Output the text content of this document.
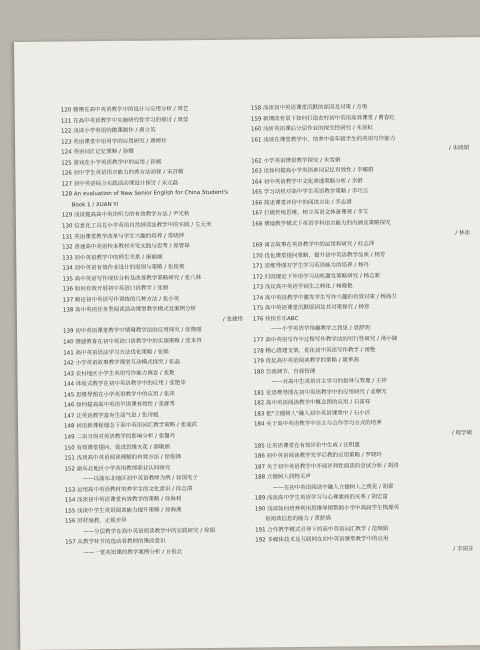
120 微课在高中英语教学中的设计与应用分析 / 周艺
121 在高中英语教学中实施研究性学习的探讨 / 周莹
122 浅谈小学英语的微课制作 / 唐立英
123 英语课堂中语用学的应用研究 / 唐婷玲
124 英语词汇记忆策略 / 孙娜
125 游戏在小学英语教学中的运用 / 孙媛
126 初中学生英语语言能力的养方法初探 / 宋召敏
127 初中英语综合实践活动课设计探讨 / 宋元磊
128 An evaluation of New Senior English for China Student's
Book 1 / XUAN Yi
129 浅谈提高高中英语听力的有效教学方法 / 尹光秋
130 信息化工具在小学英语自然拼读法教学中的实践 / 左元美
131 英语课堂教学改革与学生兴趣的培养 / 常晓钟
132 普通高中英语校本教材开发实践与思考 / 庞智禄
133 初中英语教学中的师生关系 / 康丽丽
134 初中英语有效作业设计的原则与策略 / 张俊爽
135 高中英语写作现状分析及改善教学策略研究 / 张八林
136 如何有效开展初中英语口语教学 / 张娟
137 略论初中英语写作训练的几种方法 / 张小英
138 高中英语任务型阅读活动课堂教学模式及案例分析
/ 张建伟
139 初中英语课堂教学中情境教学法的应用探究 / 张晓丽
140 情感教育在初中英语口语教学中的实施策略 / 张本容
141 高中英语语法学习方法优化策略 / 张焕
142 小学英语故事教学课堂互动模式探究 / 张晶
143 农村地区小学生英语写作能力调查 / 张艳
144 体验式教学在初中英语教学中的应用 / 张艳华
145 思维导图在小学英语教学中的应用 / 张萍
146 如何提高高中英语早读课有效性 / 张群秀
147 让英语教学富有生活气息 / 张诗媛
148 试论新课程理念下高中英语词汇教学策略 / 张道武
149 二语习得对英语教学的影响分析 / 张馨丹
150 有效课堂提问，促进思维火花 / 郝敏娟
151 浅谈高中英语阅读理解的有效方法 / 徐俊锋
152 渝东北地区小学英语教师职业认同研究
——以渝东北地区初中英语教师为例 / 徐国发子
153 运用高中英语教材培养学生的文化意识 / 徐志清
154 浅谈初中英语课堂有效教学的策略 / 徐海利
155 浅谈中学生英语阅读能力提升策略 / 徐海燕
156 因材施教，正视差异
——分层教学在高中英语阅读教学中的实践研究 / 徐娟
157 从教学环节的选动看教师的课改意识
——一堂英语课的教学案例分析 / 方俊北
158 浅谈初中英语课堂沉默的原因及对策 / 方勇
159 新课改背景下如何打造农村初中英语高效课堂 / 曹春红
160 浅析英语课后分层作业的探究性研究 / 朱剑虹
161 浅谈在课堂教学中，培养中高年级学生的英语写作能力
/ 朱晓娟
162 小学英语情景教学探究 / 朱雪娟
163 论如何提高小学英语单词记忆有效性 / 李娜娟
164 初中英语教学中文化渗透策略分析 / 李娟
165 学习动机对高中学生英语教学策略 / 李巧云
166 简述课堂评价中的阅读方法 / 李志清
167 打破传统思维，树立英语文体备课观 / 李艾
168 情境教学模式下英语学科语言能力的内涵及策略探究
/ 林冰
169 寓言故事在英语教学中的运用和研究 / 杜志萍
170 优化课堂提问策略，提升初中英语教学品质 / 杨芳
171 思维导图对学生学习英语能力的培养 / 杨丹
172 归因理论下外语学习动机激发策略研究 / 杨志新
173 浅议高中英语学困生之转化 / 杨晓艳
174 高中英语教学中激发学生写作兴趣的有效对策 / 杨海卫
175 高中英语课堂沉默原因及其对策探究 / 杨寒
176 快快乐乐ABC
——小学英语学得趣教学之我见 / 袁舒明
177 高中英语写作中过程写作教学法的可行性研究 / 汤小婕
178 精心搭建支架，优化初中英语写作教学 / 汤艳
179 优化高中英语阅读教学的策略 / 琥革茜
180 自我调节，自我管理
——对高中生英语自主学习的指导与管理 / 王祥
181 论思维导图在初中英语教学中的应用研究 / 孟朝光
182 高中英语阅读教学中概念图的应用 / 石雷祥
183 把"立德树人"融入初中英语课堂中 / 石小洁
184 关于高中英语教学中自主与合作学习方式的培养
/ 程学敏
185 让英语课堂在有效评价中生成 / 汪明惠
186 初中英语阅读教学先学后教的应用策略 / 罗晓玲
187 关于初中英语教学中开展评判性阅读的尝试分析 / 胡涛
188 立德树人润物无声
——在初中英语阅读中融入立德树人之我见 / 胡翠
189 浅谈高中学生英语学习与心理素质的关系 / 胡宏富
190 浅谈如何培养利用思维导图帮助小学中高段学生梳理英
语阅读信息的能力 / 黄舒娟
191 合作教学模式引导下的高中英语词汇教学 / 范瑞娟
192 多媒体技术及互联网在初中英语课堂教学中的应用
/ 李国芬
